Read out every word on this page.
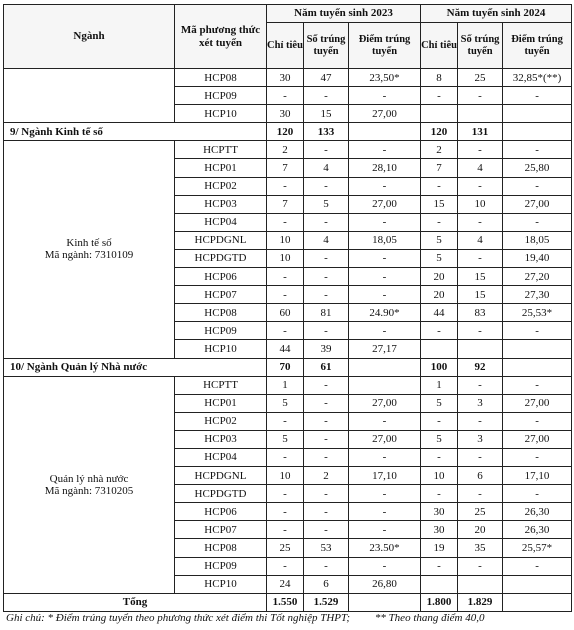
Ngành	Mã phương thức xét tuyển	Năm tuyển sinh 2023			Năm tuyển sinh 2024		
		Chỉ tiêu	Số trúng tuyển	Điểm trúng tuyển	Chỉ tiêu	Số trúng tuyển	Điểm trúng tuyển
	HCP08	30	47	23,50*	8	25	32,85*(**)
	HCP09	-	-	-	-	-	-
	HCP10	30	15	27,00			
9/ Ngành Kinh tế số		120	133		120	131	
Kinh tế số
Mã ngành: 7310109	HCPTT	2	-	-	2	-	-
	HCP01	7	4	28,10	7	4	25,80
	HCP02	-	-	-	-	-	-
	HCP03	7	5	27,00	15	10	27,00
	HCP04	-	-	-	-	-	-
	HCPDGNL	10	4	18,05	5	4	18,05
	HCPDGTD	10	-	-	5	-	19,40
	HCP06	-	-	-	20	15	27,20
	HCP07	-	-	-	20	15	27,30
	HCP08	60	81	24.90*	44	83	25,53*
	HCP09	-	-	-	-	-	-
	HCP10	44	39	27,17			
10/ Ngành Quản lý Nhà nước		70	61		100	92	
Quản lý nhà nước
Mã ngành: 7310205	HCPTT	1	-		1	-	-
	HCP01	5	-	27,00	5	3	27,00
	HCP02	-	-	-	-	-	-
	HCP03	5	-	27,00	5	3	27,00
	HCP04	-	-	-	-	-	-
	HCPDGNL	10	2	17,10	10	6	17,10
	HCPDGTD	-	-	-	-	-	-
	HCP06	-	-	-	30	25	26,30
	HCP07	-	-	-	30	20	26,30
	HCP08	25	53	23.50*	19	35	25,57*
	HCP09	-	-	-	-	-	-
	HCP10	24	6	26,80			
Tổng		1.550	1.529		1.800	1.829	
Ghi chú: * Điểm trúng tuyển theo phương thức xét điểm thi Tốt nghiệp THPT; ** Theo thang điểm 40,0
